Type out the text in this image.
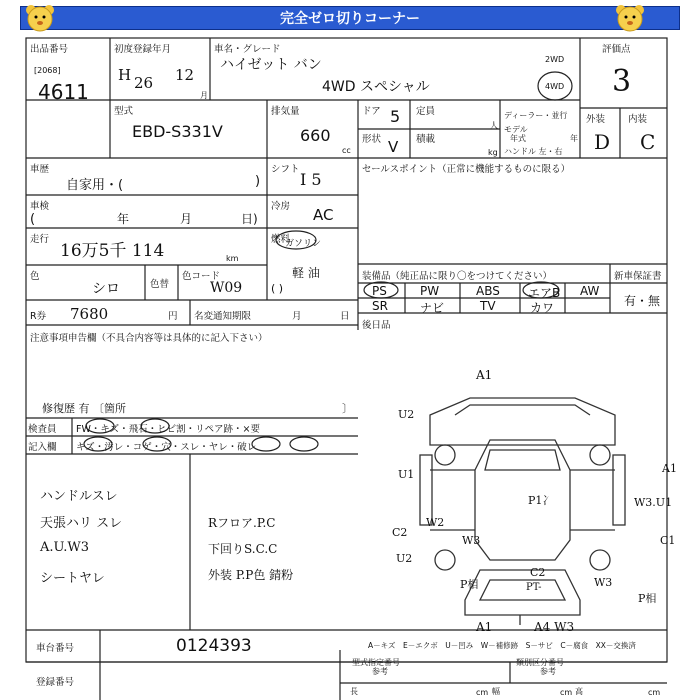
完全ゼロ切りコーナー
出品番号
[2068]
4611
初度登録年月
H 26 12
月
車名・グレード
ハイゼット バン
4WD スペシャル
2WD
4WD
評価点
3
外装 内装
D C
型式
EBD-S331V
排気量
660
cc
ドア 5 定員
人
形状 V 積載
kg
ディーラー・並行
モデル
年式	年
ハンドル 左・右
車歴
自家用・(	)
シフト
I 5
車検
(	年	月	日)
冷房 AC
走行
16万5千 114	km
燃料
ガソリン
軽 油
( )
色
シロ	色替
色コード
W09
R券 7680	円 名変通知期限	月	日
注意事項申告欄（不具合内容等は具体的に記入下さい）
修復歴 有 〔箇所	〕
セールスポイント（正常に機能するものに限る）
装備品（純正品に限り〇をつけてください）	新車保証書
有・無
PS	PW	ABS エアB AW
SR	ナビ	TV	カワ
後日品
検査員
記入欄
FW・キズ・飛石・ヒビ割・リペア跡・×要
キズ・汚レ・コゲ・穴・スレ・ヤレ・破レ
ハンドルスレ
天張ハリ スレ
A.U.W3
シートヤレ
Rフロア.P.C
下回りS.C.C
外装 P.P色 錆粉
A1
U2
U1
C2
W2
W3
A1
W3.U1
C1
U2
P1冫
P相
C2
PT-	W3
P相
A1	A4 W3
A－キズ　E－エクボ　U－凹み　W－補修跡　S－サビ　C－腐食　XX－交換済
車台番号	0124393
登録番号
型式指定番号
参考
類別区分番号
参考
長	cm 幅	cm 高	cm
